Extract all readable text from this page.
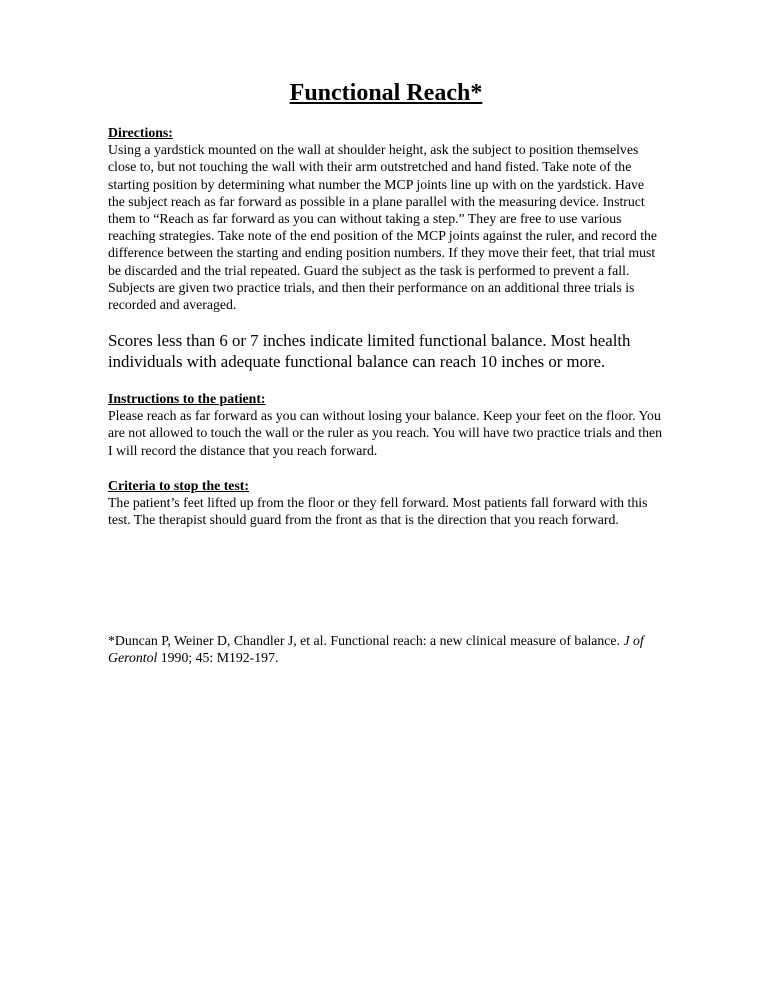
Functional Reach*
Directions:
Using a yardstick mounted on the wall at shoulder height, ask the subject to position themselves close to, but not touching the wall with their arm outstretched and hand fisted. Take note of the starting position by determining what number the MCP joints line up with on the yardstick. Have the subject reach as far forward as possible in a plane parallel with the measuring device. Instruct them to “Reach as far forward as you can without taking a step.” They are free to use various reaching strategies. Take note of the end position of the MCP joints against the ruler, and record the difference between the starting and ending position numbers. If they move their feet, that trial must be discarded and the trial repeated. Guard the subject as the task is performed to prevent a fall. Subjects are given two practice trials, and then their performance on an additional three trials is recorded and averaged.
Scores less than 6 or 7 inches indicate limited functional balance. Most health individuals with adequate functional balance can reach 10 inches or more.
Instructions to the patient:
Please reach as far forward as you can without losing your balance. Keep your feet on the floor. You are not allowed to touch the wall or the ruler as you reach. You will have two practice trials and then I will record the distance that you reach forward.
Criteria to stop the test:
The patient’s feet lifted up from the floor or they fell forward. Most patients fall forward with this test. The therapist should guard from the front as that is the direction that you reach forward.
*Duncan P, Weiner D, Chandler J, et al. Functional reach: a new clinical measure of balance. J of Gerontol 1990; 45: M192-197.
